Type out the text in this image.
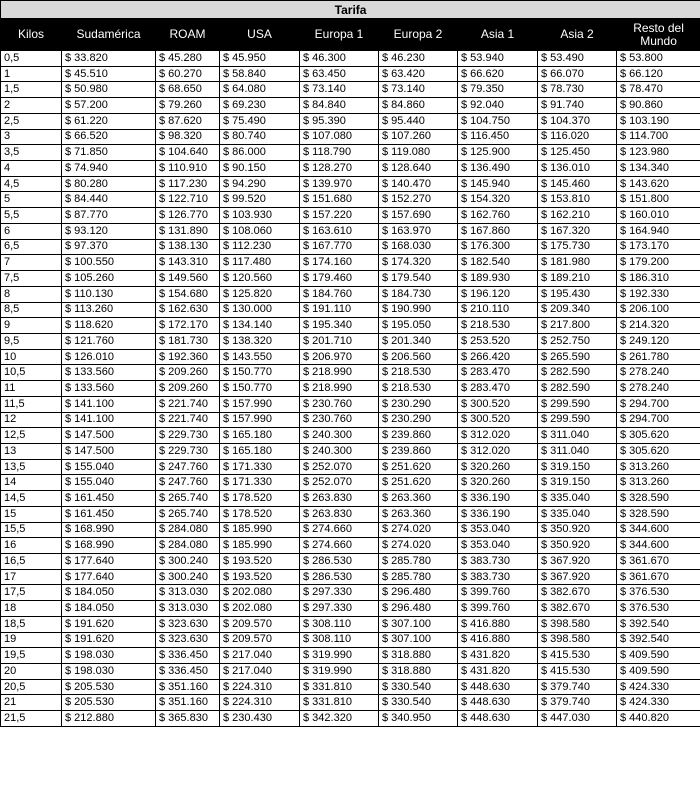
Tarifa								
Kilos	Sudamérica	ROAM	USA	Europa 1	Europa 2	Asia 1	Asia 2	Resto del Mundo
0,5	$ 33.820	$ 45.280	$ 45.950	$ 46.300	$ 46.230	$ 53.940	$ 53.490	$ 53.800
1	$ 45.510	$ 60.270	$ 58.840	$ 63.450	$ 63.420	$ 66.620	$ 66.070	$ 66.120
1,5	$ 50.980	$ 68.650	$ 64.080	$ 73.140	$ 73.140	$ 79.350	$ 78.730	$ 78.470
2	$ 57.200	$ 79.260	$ 69.230	$ 84.840	$ 84.860	$ 92.040	$ 91.740	$ 90.860
2,5	$ 61.220	$ 87.620	$ 75.490	$ 95.390	$ 95.440	$ 104.750	$ 104.370	$ 103.190
3	$ 66.520	$ 98.320	$ 80.740	$ 107.080	$ 107.260	$ 116.450	$ 116.020	$ 114.700
3,5	$ 71.850	$ 104.640	$ 86.000	$ 118.790	$ 119.080	$ 125.900	$ 125.450	$ 123.980
4	$ 74.940	$ 110.910	$ 90.150	$ 128.270	$ 128.640	$ 136.490	$ 136.010	$ 134.340
4,5	$ 80.280	$ 117.230	$ 94.290	$ 139.970	$ 140.470	$ 145.940	$ 145.460	$ 143.620
5	$ 84.440	$ 122.710	$ 99.520	$ 151.680	$ 152.270	$ 154.320	$ 153.810	$ 151.800
5,5	$ 87.770	$ 126.770	$ 103.930	$ 157.220	$ 157.690	$ 162.760	$ 162.210	$ 160.010
6	$ 93.120	$ 131.890	$ 108.060	$ 163.610	$ 163.970	$ 167.860	$ 167.320	$ 164.940
6,5	$ 97.370	$ 138.130	$ 112.230	$ 167.770	$ 168.030	$ 176.300	$ 175.730	$ 173.170
7	$ 100.550	$ 143.310	$ 117.480	$ 174.160	$ 174.320	$ 182.540	$ 181.980	$ 179.200
7,5	$ 105.260	$ 149.560	$ 120.560	$ 179.460	$ 179.540	$ 189.930	$ 189.210	$ 186.310
8	$ 110.130	$ 154.680	$ 125.820	$ 184.760	$ 184.730	$ 196.120	$ 195.430	$ 192.330
8,5	$ 113.260	$ 162.630	$ 130.000	$ 191.110	$ 190.990	$ 210.110	$ 209.340	$ 206.100
9	$ 118.620	$ 172.170	$ 134.140	$ 195.340	$ 195.050	$ 218.530	$ 217.800	$ 214.320
9,5	$ 121.760	$ 181.730	$ 138.320	$ 201.710	$ 201.340	$ 253.520	$ 252.750	$ 249.120
10	$ 126.010	$ 192.360	$ 143.550	$ 206.970	$ 206.560	$ 266.420	$ 265.590	$ 261.780
10,5	$ 133.560	$ 209.260	$ 150.770	$ 218.990	$ 218.530	$ 283.470	$ 282.590	$ 278.240
11	$ 133.560	$ 209.260	$ 150.770	$ 218.990	$ 218.530	$ 283.470	$ 282.590	$ 278.240
11,5	$ 141.100	$ 221.740	$ 157.990	$ 230.760	$ 230.290	$ 300.520	$ 299.590	$ 294.700
12	$ 141.100	$ 221.740	$ 157.990	$ 230.760	$ 230.290	$ 300.520	$ 299.590	$ 294.700
12,5	$ 147.500	$ 229.730	$ 165.180	$ 240.300	$ 239.860	$ 312.020	$ 311.040	$ 305.620
13	$ 147.500	$ 229.730	$ 165.180	$ 240.300	$ 239.860	$ 312.020	$ 311.040	$ 305.620
13,5	$ 155.040	$ 247.760	$ 171.330	$ 252.070	$ 251.620	$ 320.260	$ 319.150	$ 313.260
14	$ 155.040	$ 247.760	$ 171.330	$ 252.070	$ 251.620	$ 320.260	$ 319.150	$ 313.260
14,5	$ 161.450	$ 265.740	$ 178.520	$ 263.830	$ 263.360	$ 336.190	$ 335.040	$ 328.590
15	$ 161.450	$ 265.740	$ 178.520	$ 263.830	$ 263.360	$ 336.190	$ 335.040	$ 328.590
15,5	$ 168.990	$ 284.080	$ 185.990	$ 274.660	$ 274.020	$ 353.040	$ 350.920	$ 344.600
16	$ 168.990	$ 284.080	$ 185.990	$ 274.660	$ 274.020	$ 353.040	$ 350.920	$ 344.600
16,5	$ 177.640	$ 300.240	$ 193.520	$ 286.530	$ 285.780	$ 383.730	$ 367.920	$ 361.670
17	$ 177.640	$ 300.240	$ 193.520	$ 286.530	$ 285.780	$ 383.730	$ 367.920	$ 361.670
17,5	$ 184.050	$ 313.030	$ 202.080	$ 297.330	$ 296.480	$ 399.760	$ 382.670	$ 376.530
18	$ 184.050	$ 313.030	$ 202.080	$ 297.330	$ 296.480	$ 399.760	$ 382.670	$ 376.530
18,5	$ 191.620	$ 323.630	$ 209.570	$ 308.110	$ 307.100	$ 416.880	$ 398.580	$ 392.540
19	$ 191.620	$ 323.630	$ 209.570	$ 308.110	$ 307.100	$ 416.880	$ 398.580	$ 392.540
19,5	$ 198.030	$ 336.450	$ 217.040	$ 319.990	$ 318.880	$ 431.820	$ 415.530	$ 409.590
20	$ 198.030	$ 336.450	$ 217.040	$ 319.990	$ 318.880	$ 431.820	$ 415.530	$ 409.590
20,5	$ 205.530	$ 351.160	$ 224.310	$ 331.810	$ 330.540	$ 448.630	$ 379.740	$ 424.330
21	$ 205.530	$ 351.160	$ 224.310	$ 331.810	$ 330.540	$ 448.630	$ 379.740	$ 424.330
21,5	$ 212.880	$ 365.830	$ 230.430	$ 342.320	$ 340.950	$ 448.630	$ 447.030	$ 440.820
